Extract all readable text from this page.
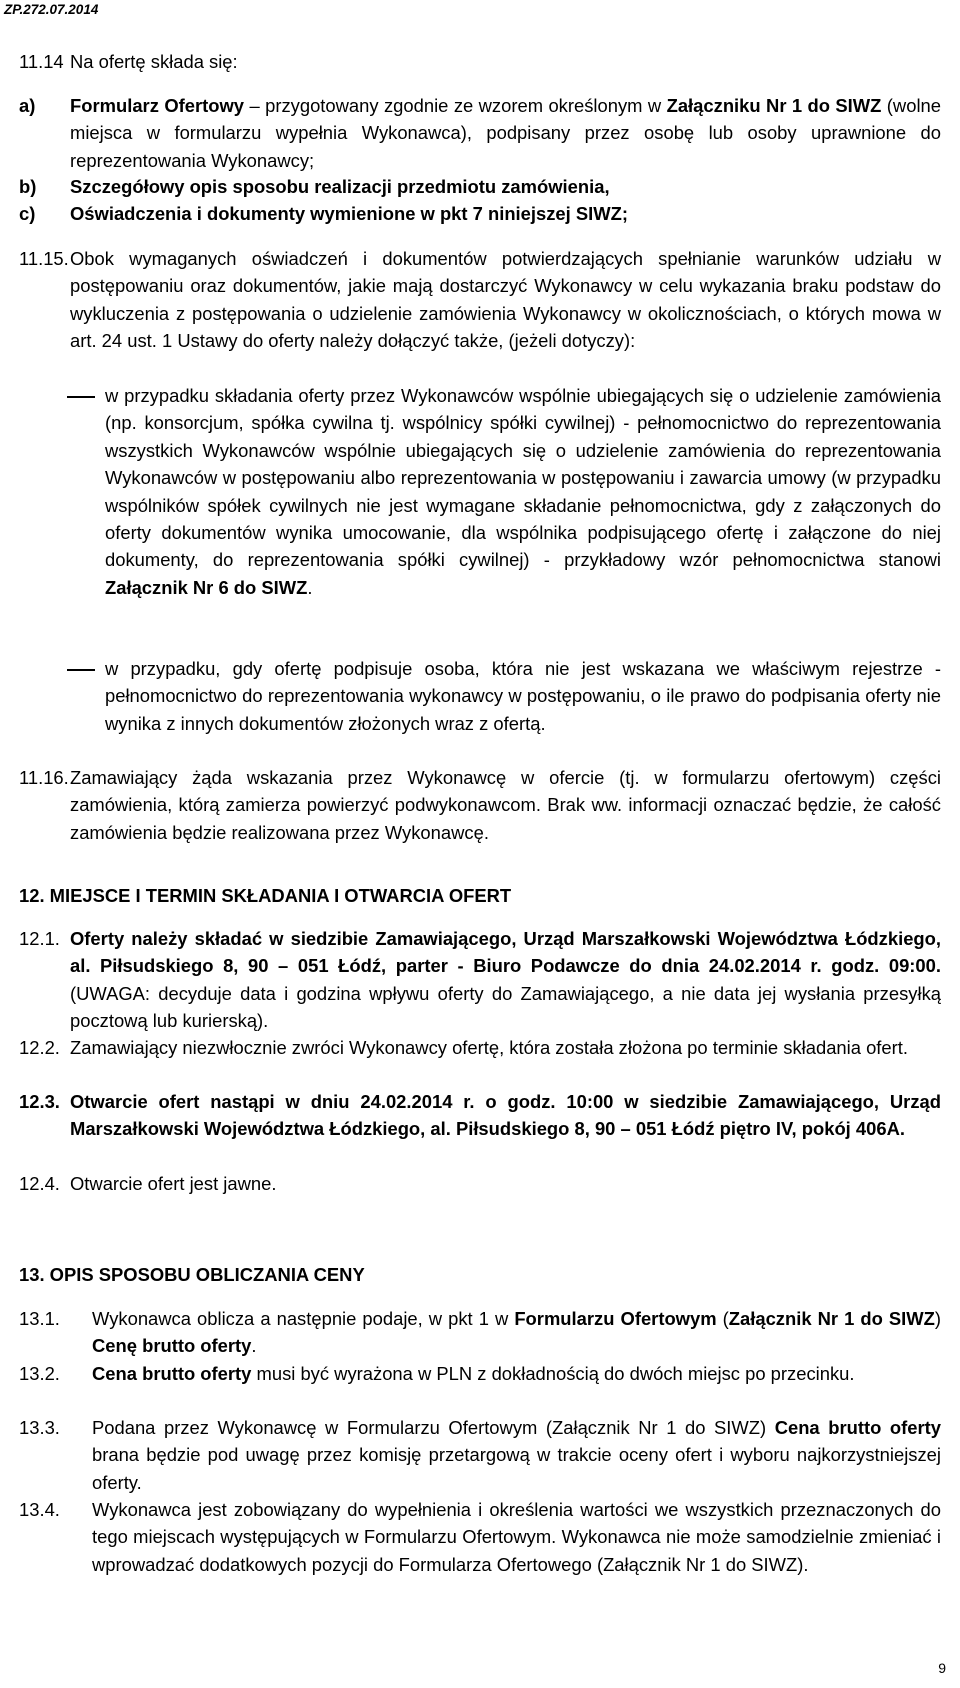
ZP.272.07.2014
11.14 Na ofertę składa się:
a) Formularz Ofertowy – przygotowany zgodnie ze wzorem określonym w Załączniku Nr 1 do SIWZ (wolne miejsca w formularzu wypełnia Wykonawca), podpisany przez osobę lub osoby uprawnione do reprezentowania Wykonawcy;
b) Szczegółowy opis sposobu realizacji przedmiotu zamówienia,
c) Oświadczenia i dokumenty wymienione w pkt 7 niniejszej SIWZ;
11.15. Obok wymaganych oświadczeń i dokumentów potwierdzających spełnianie warunków udziału w postępowaniu oraz dokumentów, jakie mają dostarczyć Wykonawcy w celu wykazania braku podstaw do wykluczenia z postępowania o udzielenie zamówienia Wykonawcy w okolicznościach, o których mowa w art. 24 ust. 1 Ustawy do oferty należy dołączyć także, (jeżeli dotyczy):
w przypadku składania oferty przez Wykonawców wspólnie ubiegających się o udzielenie zamówienia (np. konsorcjum, spółka cywilna tj. wspólnicy spółki cywilnej) - pełnomocnictwo do reprezentowania wszystkich Wykonawców wspólnie ubiegających się o udzielenie zamówienia do reprezentowania Wykonawców w postępowaniu albo reprezentowania w postępowaniu i zawarcia umowy (w przypadku wspólników spółek cywilnych nie jest wymagane składanie pełnomocnictwa, gdy z załączonych do oferty dokumentów wynika umocowanie, dla wspólnika podpisującego ofertę i załączone do niej dokumenty, do reprezentowania spółki cywilnej) - przykładowy wzór pełnomocnictwa stanowi Załącznik Nr 6 do SIWZ.
w przypadku, gdy ofertę podpisuje osoba, która nie jest wskazana we właściwym rejestrze - pełnomocnictwo do reprezentowania wykonawcy w postępowaniu, o ile prawo do podpisania oferty nie wynika z innych dokumentów złożonych wraz z ofertą.
11.16. Zamawiający żąda wskazania przez Wykonawcę w ofercie (tj. w formularzu ofertowym) części zamówienia, którą zamierza powierzyć podwykonawcom. Brak ww. informacji oznaczać będzie, że całość zamówienia będzie realizowana przez Wykonawcę.
12. MIEJSCE I TERMIN SKŁADANIA I OTWARCIA OFERT
12.1. Oferty należy składać w siedzibie Zamawiającego, Urząd Marszałkowski Województwa Łódzkiego, al. Piłsudskiego 8, 90 – 051 Łódź, parter - Biuro Podawcze do dnia 24.02.2014 r. godz. 09:00. (UWAGA: decyduje data i godzina wpływu oferty do Zamawiającego, a nie data jej wysłania przesyłką pocztową lub kurierską).
12.2. Zamawiający niezwłocznie zwróci Wykonawcy ofertę, która została złożona po terminie składania ofert.
12.3. Otwarcie ofert nastąpi w dniu 24.02.2014 r. o godz. 10:00 w siedzibie Zamawiającego, Urząd Marszałkowski Województwa Łódzkiego, al. Piłsudskiego 8, 90 – 051 Łódź piętro IV, pokój 406A.
12.4. Otwarcie ofert jest jawne.
13. OPIS SPOSOBU OBLICZANIA CENY
13.1. Wykonawca oblicza a następnie podaje, w pkt 1 w Formularzu Ofertowym (Załącznik Nr 1 do SIWZ) Cenę brutto oferty.
13.2. Cena brutto oferty musi być wyrażona w PLN z dokładnością do dwóch miejsc po przecinku.
13.3. Podana przez Wykonawcę w Formularzu Ofertowym (Załącznik Nr 1 do SIWZ) Cena brutto oferty brana będzie pod uwagę przez komisję przetargową w trakcie oceny ofert i wyboru najkorzystniejszej oferty.
13.4. Wykonawca jest zobowiązany do wypełnienia i określenia wartości we wszystkich przeznaczonych do tego miejscach występujących w Formularzu Ofertowym. Wykonawca nie może samodzielnie zmieniać i wprowadzać dodatkowych pozycji do Formularza Ofertowego (Załącznik Nr 1 do SIWZ).
9
